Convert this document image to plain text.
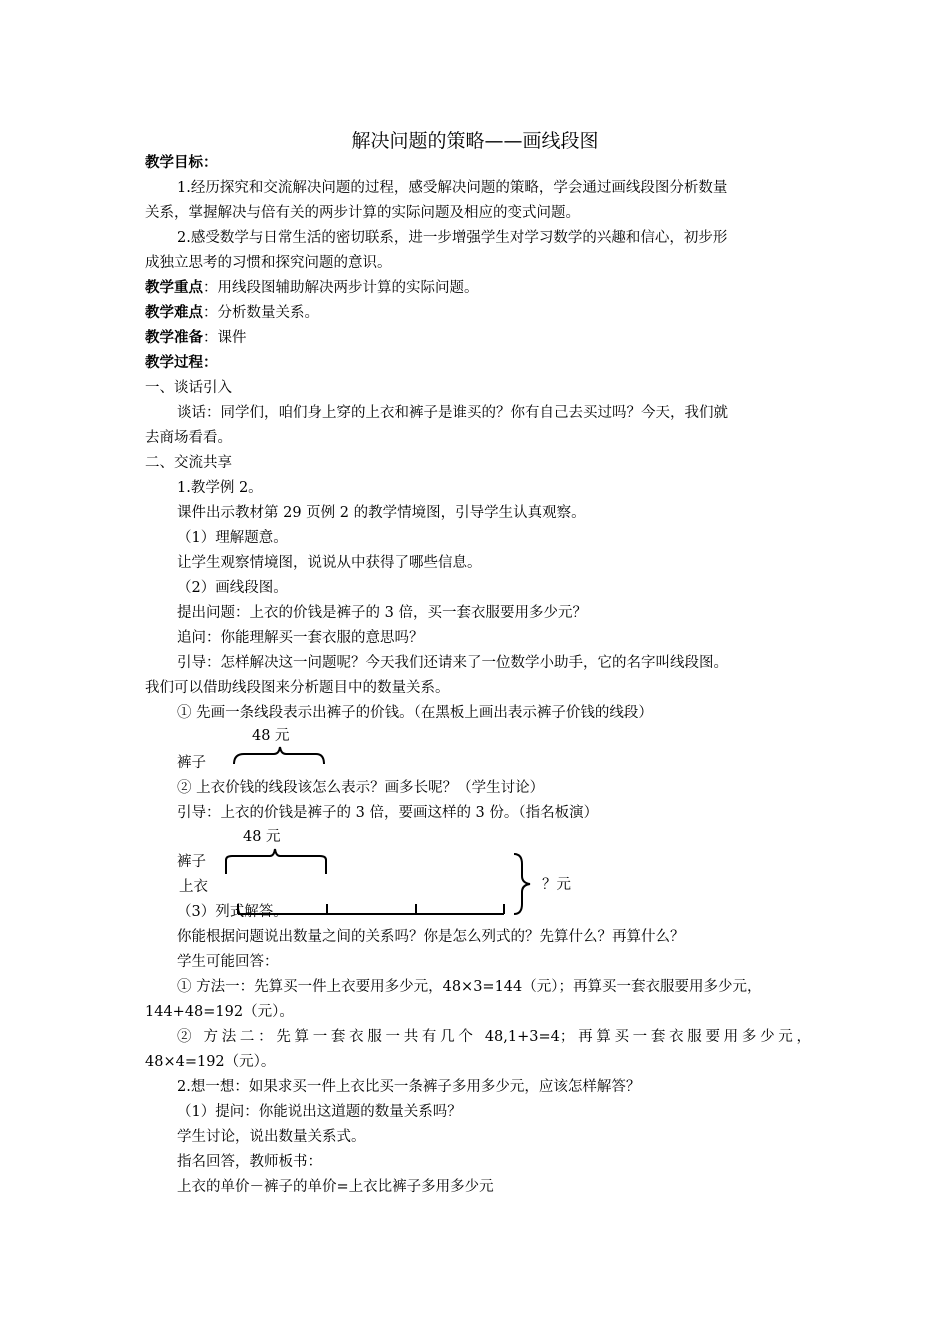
解决问题的策略——画线段图
教学目标：
1.经历探究和交流解决问题的过程，感受解决问题的策略，学会通过画线段图分析数量
关系，掌握解决与倍有关的两步计算的实际问题及相应的变式问题。
2.感受数学与日常生活的密切联系，进一步增强学生对学习数学的兴趣和信心，初步形
成独立思考的习惯和探究问题的意识。
教学重点：用线段图辅助解决两步计算的实际问题。
教学难点：分析数量关系。
教学准备：课件
教学过程：
一、谈话引入
谈话：同学们，咱们身上穿的上衣和裤子是谁买的？你有自己去买过吗？今天，我们就
去商场看看。
二、交流共享
1.教学例 2。
课件出示教材第 29 页例 2 的教学情境图，引导学生认真观察。
（1）理解题意。
让学生观察情境图，说说从中获得了哪些信息。
（2）画线段图。
提出问题：上衣的价钱是裤子的 3 倍，买一套衣服要用多少元？
追问：你能理解买一套衣服的意思吗？
引导：怎样解决这一问题呢？今天我们还请来了一位数学小助手，它的名字叫线段图。
我们可以借助线段图来分析题目中的数量关系。
① 先画一条线段表示出裤子的价钱。（在黑板上画出表示裤子价钱的线段）
48 元
裤子
② 上衣价钱的线段该怎么表示？画多长呢？（学生讨论）
引导：上衣的价钱是裤子的 3 倍，要画这样的 3 份。（指名板演）
48 元
裤子
上衣
（3）列式解答。
？元
你能根据问题说出数量之间的关系吗？你是怎么列式的？先算什么？再算什么？
学生可能回答：
① 方法一：先算买一件上衣要用多少元，48×3=144（元）；再算买一套衣服要用多少元，
144+48=192（元）。
② 方法二：先算一套衣服一共有几个 48,1+3=4；再算买一套衣服要用多少元，
48×4=192（元）。
2.想一想：如果求买一件上衣比买一条裤子多用多少元，应该怎样解答？
（1）提问：你能说出这道题的数量关系吗？
学生讨论，说出数量关系式。
指名回答，教师板书：
上衣的单价－裤子的单价=上衣比裤子多用多少元
